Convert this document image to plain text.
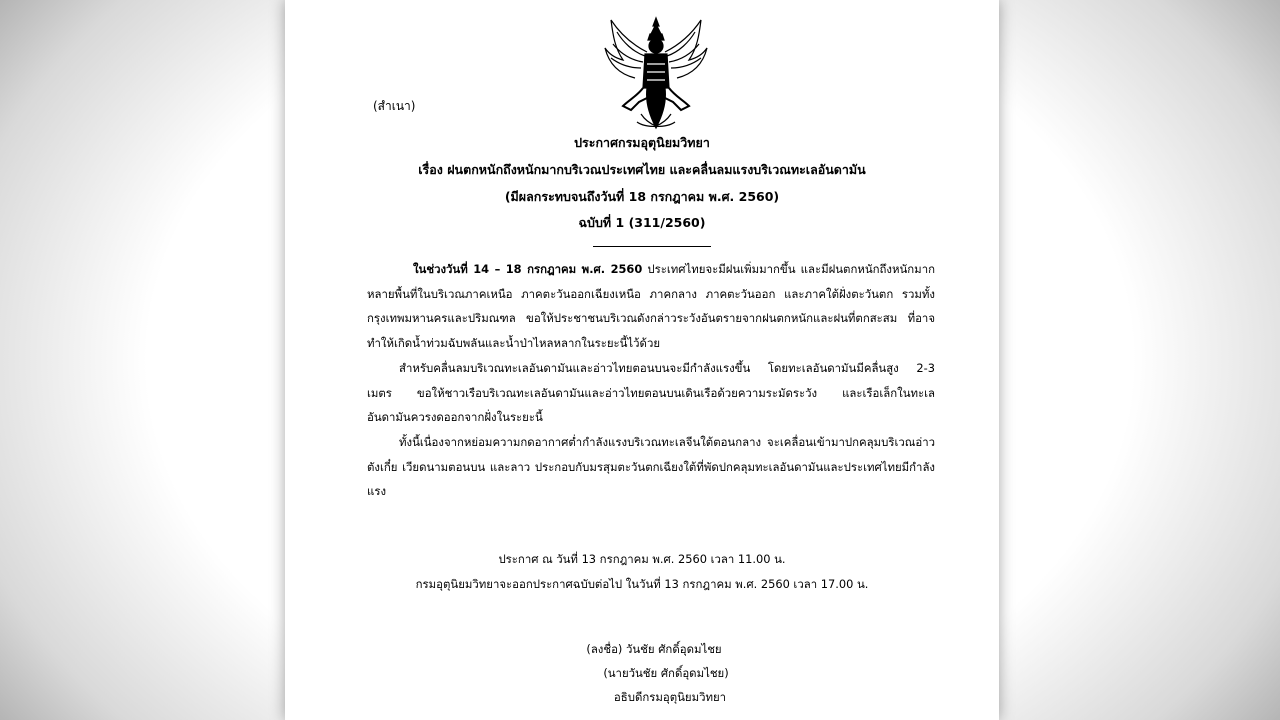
(สำเนา)
ประกาศกรมอุตุนิยมวิทยา
เรื่อง ฝนตกหนักถึงหนักมากบริเวณประเทศไทย และคลื่นลมแรงบริเวณทะเลอันดามัน
(มีผลกระทบจนถึงวันที่ 18 กรกฎาคม พ.ศ. 2560)
ฉบับที่ 1 (311/2560)
ในช่วงวันที่ 14 – 18 กรกฎาคม พ.ศ. 2560 ประเทศไทยจะมีฝนเพิ่มมากขึ้น และมีฝนตกหนักถึงหนักมากหลายพื้นที่ในบริเวณภาคเหนือ ภาคตะวันออกเฉียงเหนือ ภาคกลาง ภาคตะวันออก และภาคใต้ฝั่งตะวันตก รวมทั้งกรุงเทพมหานครและปริมณฑล ขอให้ประชาชนบริเวณดังกล่าวระวังอันตรายจากฝนตกหนักและฝนที่ตกสะสม ที่อาจทำให้เกิดน้ำท่วมฉับพลันและน้ำป่าไหลหลากในระยะนี้ไว้ด้วย
สำหรับคลื่นลมบริเวณทะเลอันดามันและอ่าวไทยตอนบนจะมีกำลังแรงขึ้น โดยทะเลอันดามันมีคลื่นสูง 2-3 เมตร ขอให้ชาวเรือบริเวณทะเลอันดามันและอ่าวไทยตอนบนเดินเรือด้วยความระมัดระวัง และเรือเล็กในทะเลอันดามันควรงดออกจากฝั่งในระยะนี้
ทั้งนี้เนื่องจากหย่อมความกดอากาศต่ำกำลังแรงบริเวณทะเลจีนใต้ตอนกลาง จะเคลื่อนเข้ามาปกคลุมบริเวณอ่าวตังเกี๋ย เวียดนามตอนบน และลาว ประกอบกับมรสุมตะวันตกเฉียงใต้ที่พัดปกคลุมทะเลอันดามันและประเทศไทยมีกำลังแรง
ประกาศ ณ วันที่ 13 กรกฎาคม พ.ศ. 2560 เวลา 11.00 น.
กรมอุตุนิยมวิทยาจะออกประกาศฉบับต่อไป ในวันที่ 13 กรกฎาคม พ.ศ. 2560 เวลา 17.00 น.
(ลงชื่อ) วันชัย ศักดิ์อุดมไชย
(นายวันชัย ศักดิ์อุดมไชย)
อธิบดีกรมอุตุนิยมวิทยา
